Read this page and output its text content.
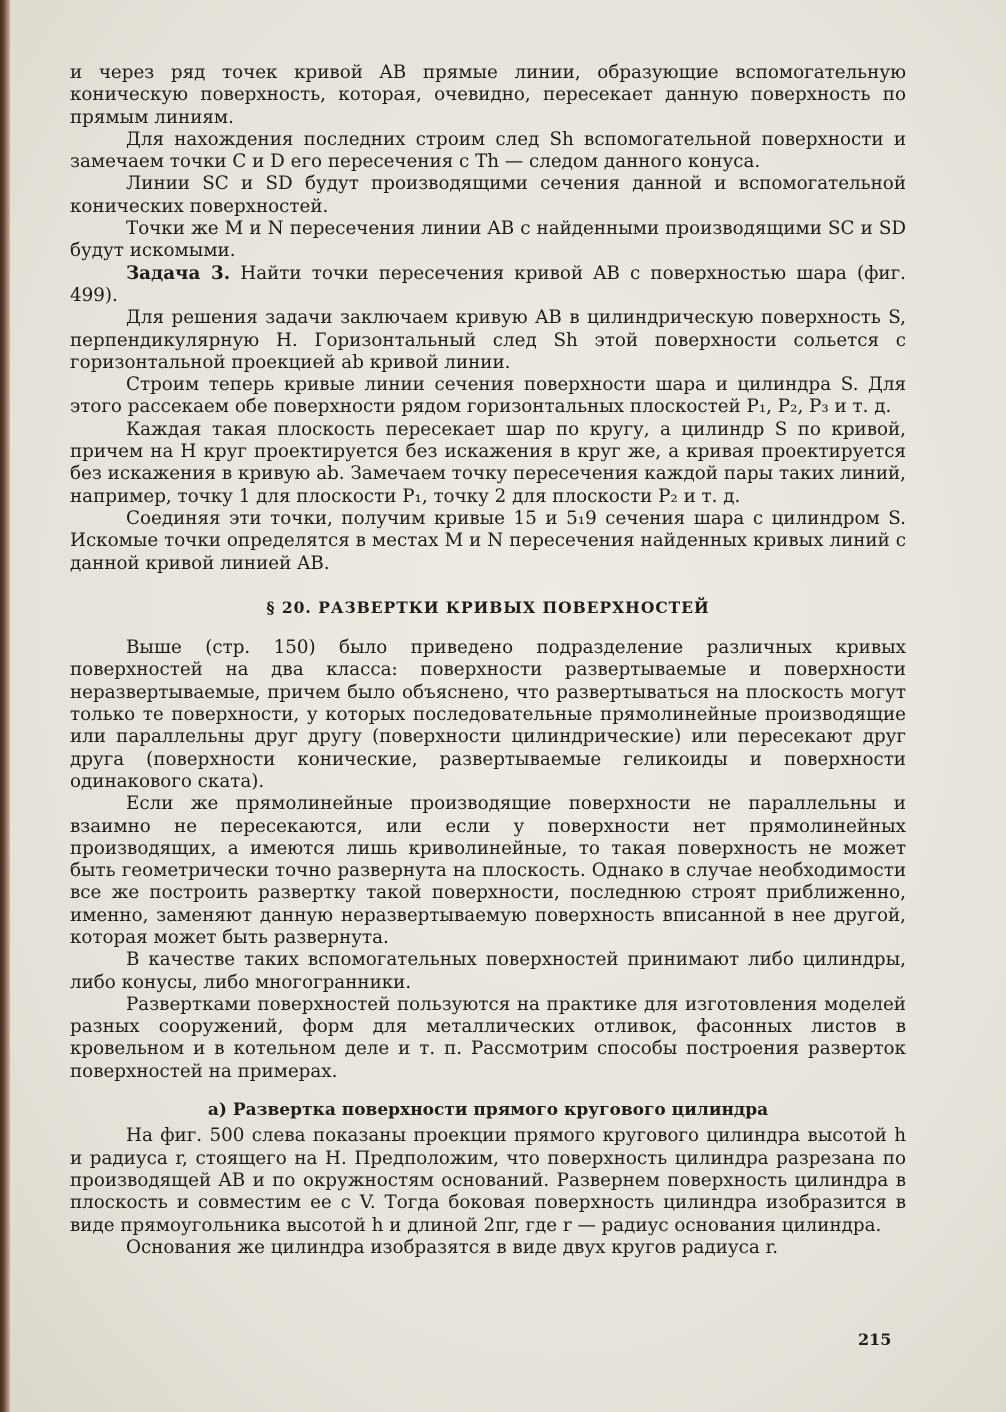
и через ряд точек кривой AB прямые линии, образующие вспомогательную коническую поверхность, которая, очевидно, пересекает данную поверхность по прямым линиям.

Для нахождения последних строим след Sh вспомогательной поверхности и замечаем точки C и D его пересечения с Th — следом данного конуса.

Линии SC и SD будут производящими сечения данной и вспомогательной конических поверхностей.

Точки же M и N пересечения линии AB с найденными производящими SC и SD будут искомыми.

Задача 3. Найти точки пересечения кривой AB с поверхностью шара (фиг. 499).

Для решения задачи заключаем кривую AB в цилиндрическую поверхность S, перпендикулярную H. Горизонтальный след Sh этой поверхности сольется с горизонтальной проекцией ab кривой линии.

Строим теперь кривые линии сечения поверхности шара и цилиндра S. Для этого рассекаем обе поверхности рядом горизонтальных плоскостей P₁, P₂, P₃ и т. д.

Каждая такая плоскость пересекает шар по кругу, а цилиндр S по кривой, причем на H круг проектируется без искажения в круг же, а кривая проектируется без искажения в кривую ab. Замечаем точку пересечения каждой пары таких линий, например, точку 1 для плоскости P₁, точку 2 для плоскости P₂ и т. д.

Соединяя эти точки, получим кривые 15 и 5₁9 сечения шара с цилиндром S. Искомые точки определятся в местах M и N пересечения найденных кривых линий с данной кривой линией AB.

§ 20. РАЗВЕРТКИ КРИВЫХ ПОВЕРХНОСТЕЙ

Выше (стр. 150) было приведено подразделение различных кривых поверхностей на два класса: поверхности развертываемые и поверхности неразвертываемые, причем было объяснено, что развертываться на плоскость могут только те поверхности, у которых последовательные прямолинейные производящие или параллельны друг другу (поверхности цилиндрические) или пересекают друг друга (поверхности конические, развертываемые геликоиды и поверхности одинакового ската).

Если же прямолинейные производящие поверхности не параллельны и взаимно не пересекаются, или если у поверхности нет прямолинейных производящих, а имеются лишь криволинейные, то такая поверхность не может быть геометрически точно развернута на плоскость. Однако в случае необходимости все же построить развертку такой поверхности, последнюю строят приближенно, именно, заменяют данную неразвертываемую поверхность вписанной в нее другой, которая может быть развернута.

В качестве таких вспомогательных поверхностей принимают либо цилиндры, либо конусы, либо многогранники.

Развертками поверхностей пользуются на практике для изготовления моделей разных сооружений, форм для металлических отливок, фасонных листов в кровельном и в котельном деле и т. п. Рассмотрим способы построения разверток поверхностей на примерах.

а) Развертка поверхности прямого кругового цилиндра

На фиг. 500 слева показаны проекции прямого кругового цилиндра высотой h и радиуса r, стоящего на H. Предположим, что поверхность цилиндра разрезана по производящей AB и по окружностям оснований. Развернем поверхность цилиндра в плоскость и совместим ее с V. Тогда боковая поверхность цилиндра изобразится в виде прямоугольника высотой h и длиной 2πr, где r — радиус основания цилиндра.

Основания же цилиндра изобразятся в виде двух кругов радиуса r.

215
